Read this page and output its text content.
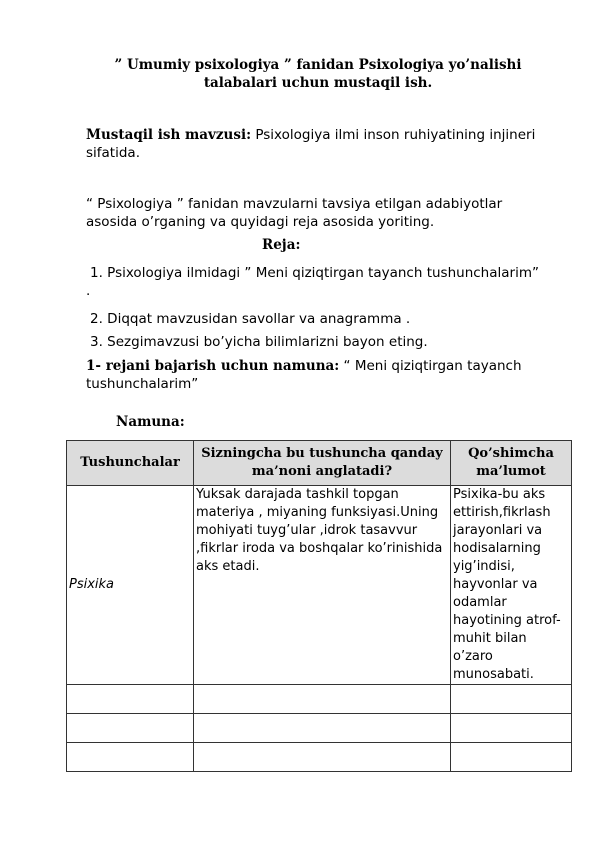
” Umumiy psixologiya ” fanidan Psixologiya yo’nalishi
talabalari uchun mustaqil ish.
Mustaqil ish mavzusi: Psixologiya ilmi inson ruhiyatining injineri sifatida.
“ Psixologiya ” fanidan mavzularni tavsiya etilgan adabiyotlar asosida o’rganing va quyidagi reja asosida yoriting.
Reja:
1. Psixologiya ilmidagi ” Meni qiziqtirgan tayanch tushunchalarim” .
2. Diqqat mavzusidan savollar va anagramma .
3. Sezgimavzusi bo’yicha bilimlarizni bayon eting.
1- rejani bajarish uchun namuna: “ Meni qiziqtirgan tayanch tushunchalarim”
Namuna:
Tushunchalar	Sizningcha bu tushuncha qanday ma’noni anglatadi?	Qo’shimcha ma’lumot
Psixika	Yuksak darajada tashkil topgan materiya , miyaning funksiyasi.Uning mohiyati tuyg’ular ,idrok tasavvur ,fikrlar iroda va boshqalar ko’rinishida aks etadi.	Psixika-bu aks ettirish,fikrlash jarayonlari va hodisalarning yig’indisi, hayvonlar va odamlar hayotining atrof-muhit bilan o’zaro munosabati.
